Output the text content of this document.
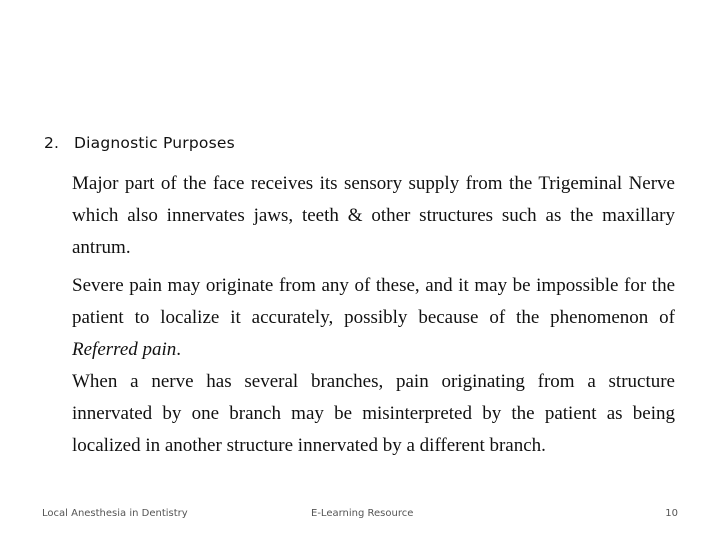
2. Diagnostic Purposes

Major part of the face receives its sensory supply from the Trigeminal Nerve which also innervates jaws, teeth & other structures such as the maxillary antrum.

Severe pain may originate from any of these, and it may be impossible for the patient to localize it accurately, possibly because of the phenomenon of Referred pain.

When a nerve has several branches, pain originating from a structure innervated by one branch may be misinterpreted by the patient as being localized in another structure innervated by a different branch.

Local Anesthesia in Dentistry	E-Learning Resource	10
